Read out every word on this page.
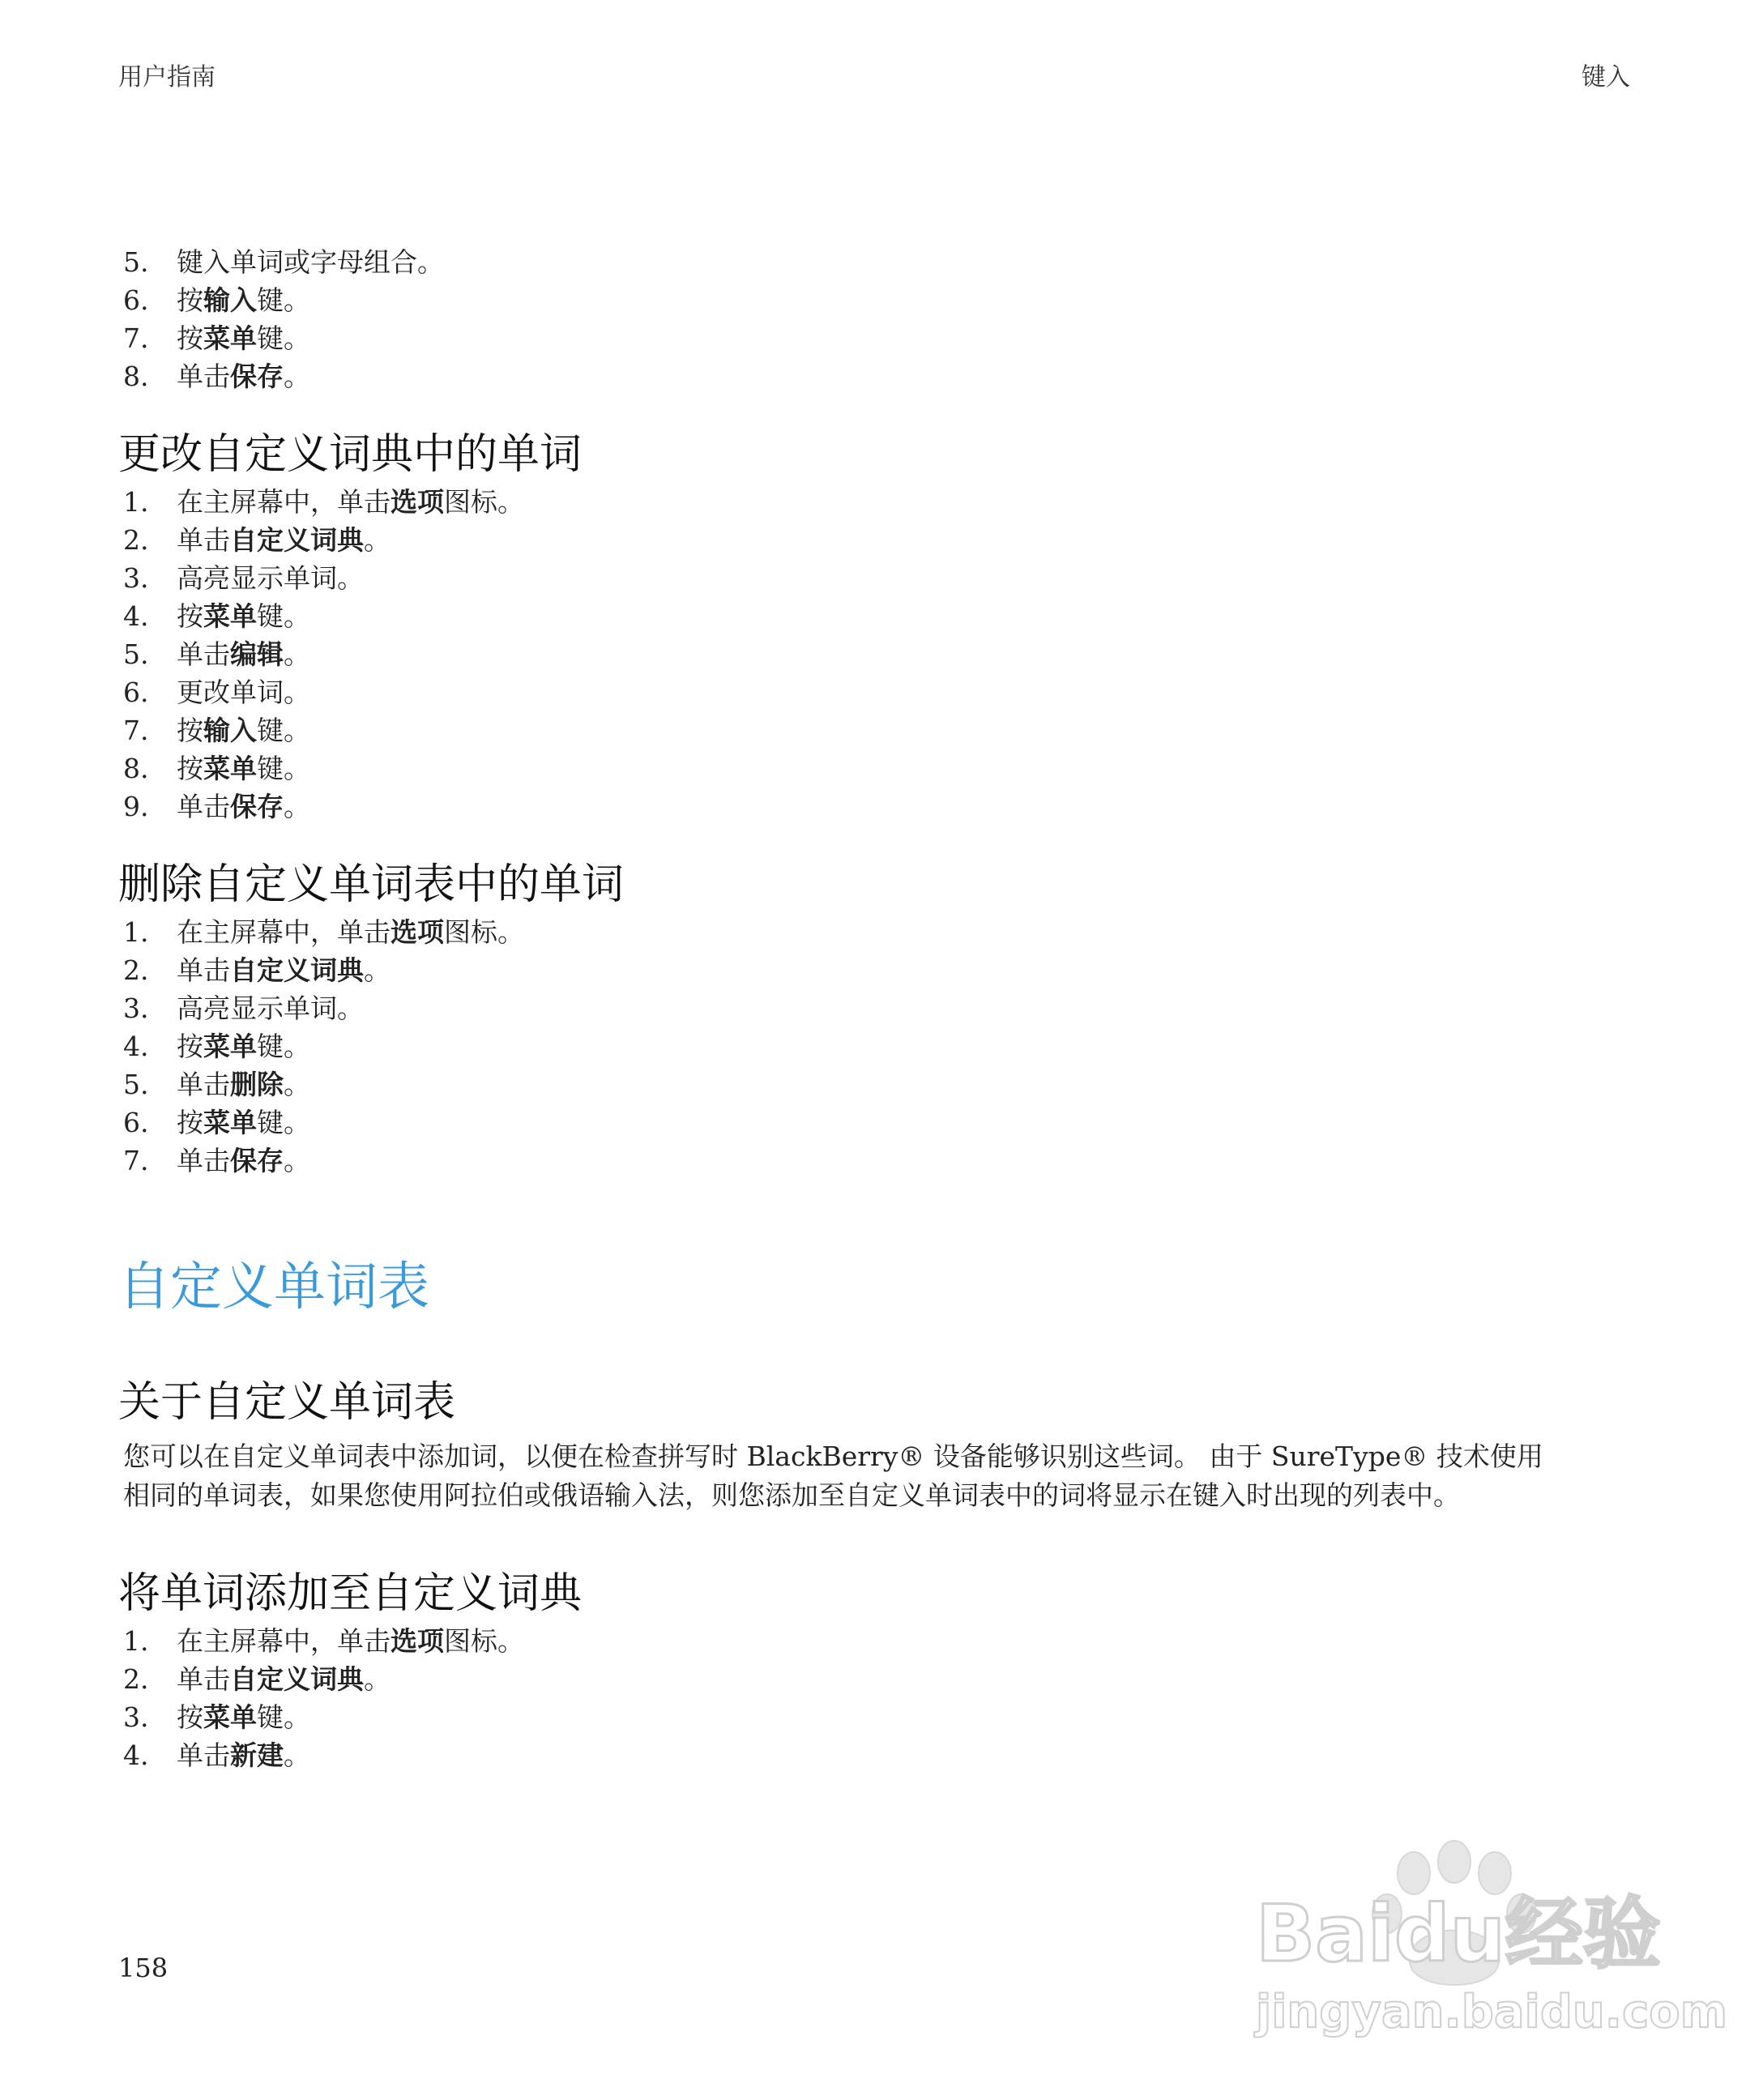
用户指南	键入
5.	键入单词或字母组合。
6.	按 输入 键。
7.	按 菜单 键。
8.	单击 保存 。
更改自定义词典中的单词
1.	在主屏幕中，单击 选项 图标。
2.	单击 自定义词典 。
3.	高亮显示单词。
4.	按 菜单 键。
5.	单击 编辑 。
6.	更改单词。
7.	按 输入 键。
8.	按 菜单 键。
9.	单击 保存 。
删除自定义单词表中的单词
1.	在主屏幕中，单击 选项 图标。
2.	单击 自定义词典 。
3.	高亮显示单词。
4.	按 菜单 键。
5.	单击 删除 。
6.	按 菜单 键。
7.	单击 保存 。
自定义单词表
关于自定义单词表

您可以在自定义单词表中添加词，以便在检查拼写时 BlackBerry® 设备能够识别这些词。 由于 SureType® 技术使用
相同的单词表，如果您使用阿拉伯或俄语输入法，则您添加至自定义单词表中的词将显示在键入时出现的列表中。

将单词添加至自定义词典
1.	在主屏幕中，单击 选项 图标。
2.	单击 自定义词典 。
3.	按 菜单 键。
4.	单击 新建 。
158	Baidu经验
jingyan.baidu.com
